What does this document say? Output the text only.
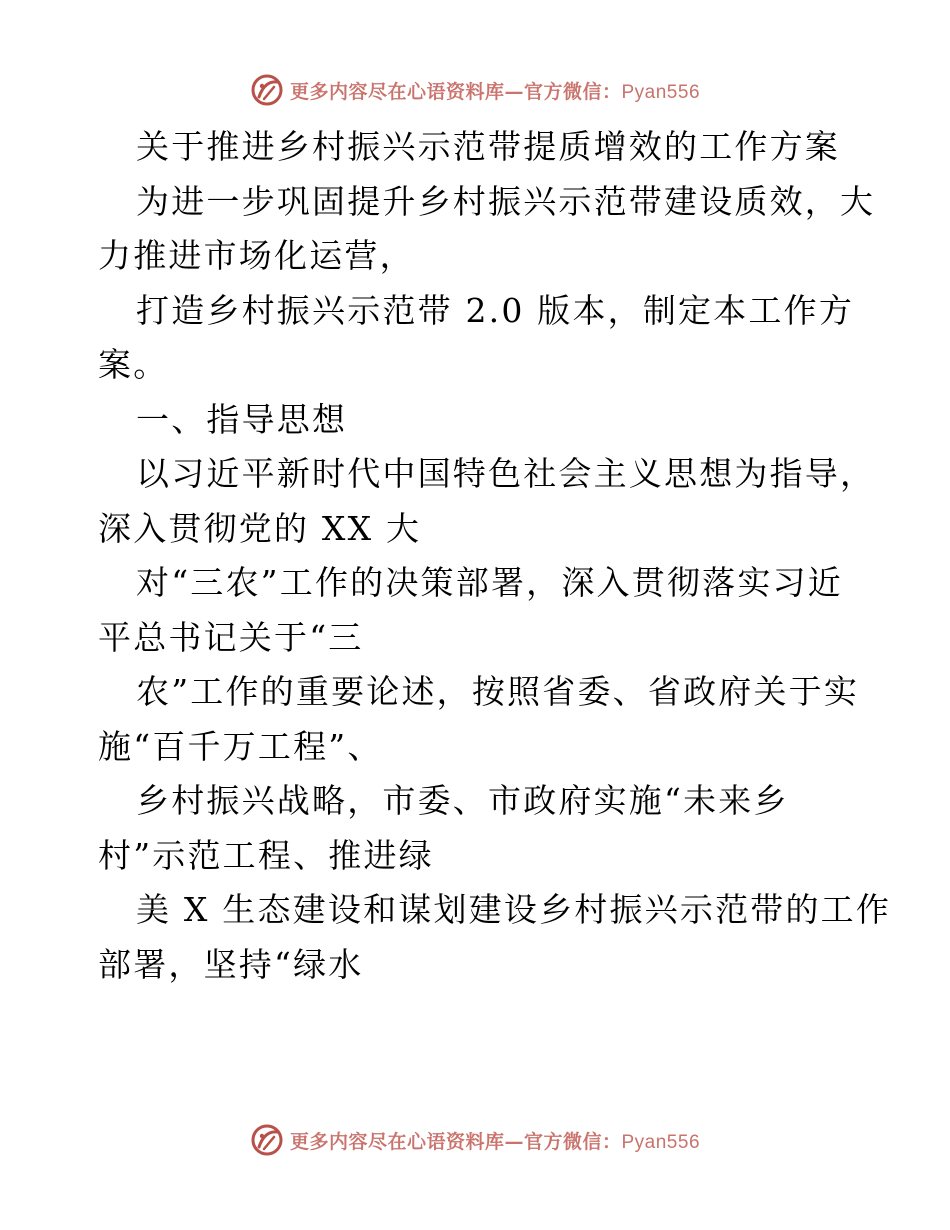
更多内容尽在心语资料库—官方微信：Pyan556
关于推进乡村振兴示范带提质增效的工作方案
为进一步巩固提升乡村振兴示范带建设质效，大
力推进市场化运营，
打造乡村振兴示范带 2.0 版本，制定本工作方
案。
一、指导思想
以习近平新时代中国特色社会主义思想为指导，
深入贯彻党的 XX 大
对“三农”工作的决策部署，深入贯彻落实习近
平总书记关于“三
农”工作的重要论述，按照省委、省政府关于实
施“百千万工程”、
乡村振兴战略，市委、市政府实施“未来乡
村”示范工程、推进绿
美 X 生态建设和谋划建设乡村振兴示范带的工作
部署，坚持“绿水
更多内容尽在心语资料库—官方微信：Pyan556
